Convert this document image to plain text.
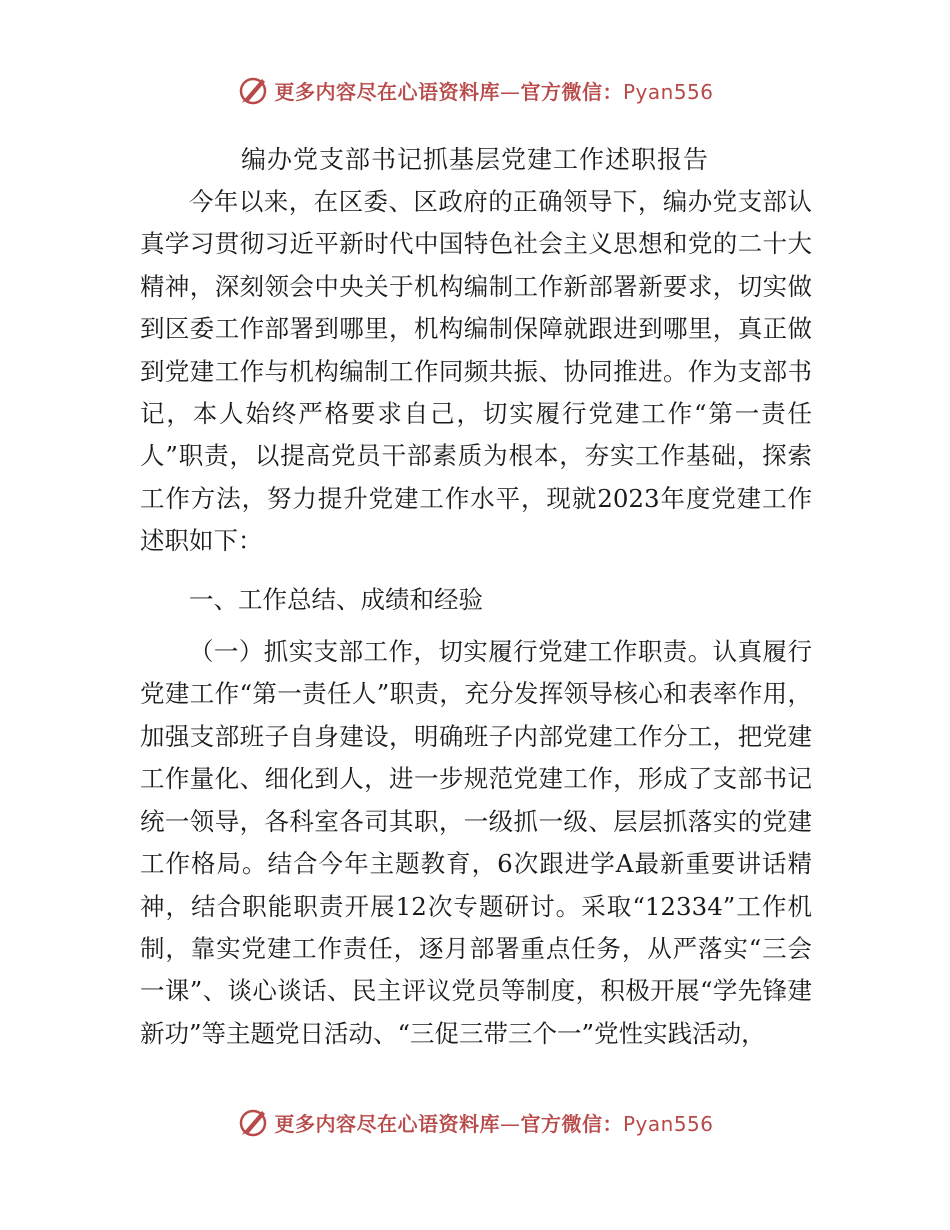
更多内容尽在心语资料库—官方微信：Pyan556
编办党支部书记抓基层党建工作述职报告

今年以来，在区委、区政府的正确领导下，编办党支部认真学习贯彻习近平新时代中国特色社会主义思想和党的二十大精神，深刻领会中央关于机构编制工作新部署新要求，切实做到区委工作部署到哪里，机构编制保障就跟进到哪里，真正做到党建工作与机构编制工作同频共振、协同推进。作为支部书记，本人始终严格要求自己，切实履行党建工作“第一责任人”职责，以提高党员干部素质为根本，夯实工作基础，探索工作方法，努力提升党建工作水平，现就2023年度党建工作述职如下：

一、工作总结、成绩和经验

（一）抓实支部工作，切实履行党建工作职责。认真履行党建工作“第一责任人”职责，充分发挥领导核心和表率作用，加强支部班子自身建设，明确班子内部党建工作分工，把党建工作量化、细化到人，进一步规范党建工作，形成了支部书记统一领导，各科室各司其职，一级抓一级、层层抓落实的党建工作格局。结合今年主题教育，6次跟进学A最新重要讲话精神，结合职能职责开展12次专题研讨。采取“12334”工作机制，靠实党建工作责任，逐月部署重点任务，从严落实“三会一课”、谈心谈话、民主评议党员等制度，积极开展“学先锋建新功”等主题党日活动、“三促三带三个一”党性实践活动，

更多内容尽在心语资料库—官方微信：Pyan556
